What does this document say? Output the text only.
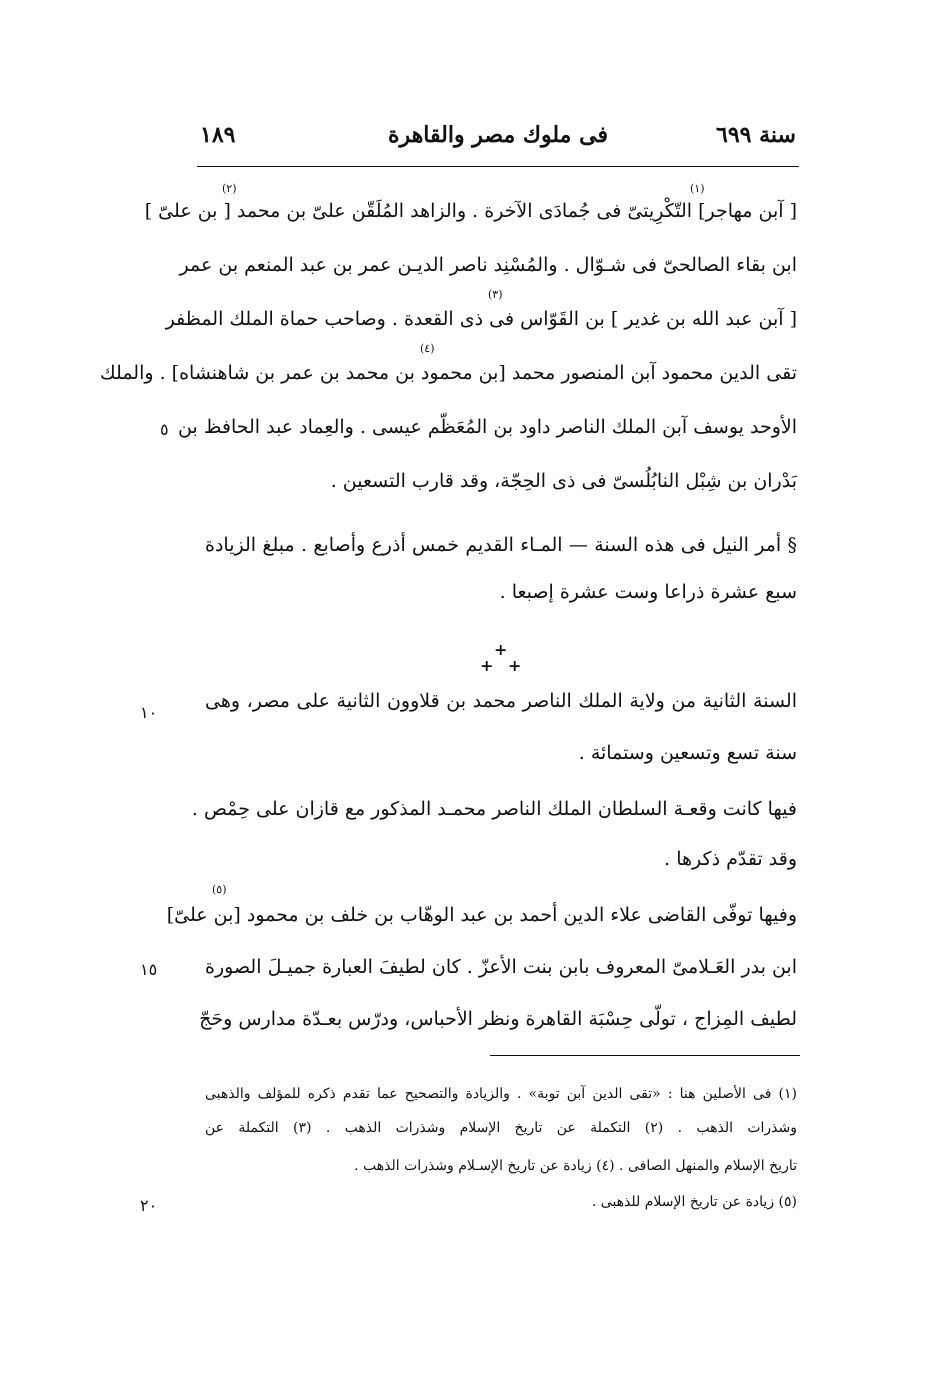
سنة ٦٩٩
فى ملوك مصر والقاهرة
١٨٩
(١)
(٢)
(٣)
(٤)
(٥)
[ آبن مهاجر] التّكْرِيتىّ فى جُمادَى الآخرة . والزاهد المُلَقّن علىّ بن محمد [ بن علىّ ]
ابن بقاء الصالحىّ فى شـوّال . والمُسْنِد ناصر الديـن عمر بن عبد المنعم بن عمر
[ آبن عبد الله بن غدير ] بن القَوّاس فى ذى القعدة . وصاحب حماة الملك المظفر
تقى الدين محمود آبن المنصور محمد [بن محمود بن محمد بن عمر بن شاهنشاه] . والملك
الأوحد يوسف آبن الملك الناصر داود بن المُعَظّم عيسى . والعِماد عبد الحافظ بن
بَدْران بن شِبْل النابُلُسىّ فى ذى الحِجّة، وقد قارب التسعين .
§ أمر النيل فى هذه السنة — المـاء القديم خمس أذرع وأصابع . مبلغ الزيادة
سبع عشرة ذراعا وست عشرة إصبعا .
+
+ +
السنة الثانية من ولاية الملك الناصر محمد بن قلاوون الثانية على مصر، وهى
سنة تسع وتسعين وستمائة .
فيها كانت وقعـة السلطان الملك الناصر محمـد المذكور مع قازان على حِمْص .
وقد تقدّم ذكرها .
وفيها توفّى القاضى علاء الدين أحمد بن عبد الوهّاب بن خلف بن محمود [بن علىّ]
ابن بدر العَـلامىّ المعروف بابن بنت الأعزّ . كان لطيفَ العبارة جميـلَ الصورة
لطيف المِزاج ، تولّى حِسْبَة القاهرة ونظر الأحباس، ودرّس بعـدّة مدارس وحَجّ
٥
١٠
١٥
٢٠
(١) فى الأصلين هنا : «تقى الدين آبن توبة» . والزيادة والتصحيح عما تقدم ذكره للمؤلف والذهبى
وشذرات الذهب . (٢) التكملة عن تاريخ الإسلام وشذرات الذهب . (٣) التكملة عن
تاريخ الإسلام والمنهل الصافى . (٤) زيادة عن تاريخ الإسـلام وشذرات الذهب .
(٥) زيادة عن تاريخ الإسلام للذهبى .
